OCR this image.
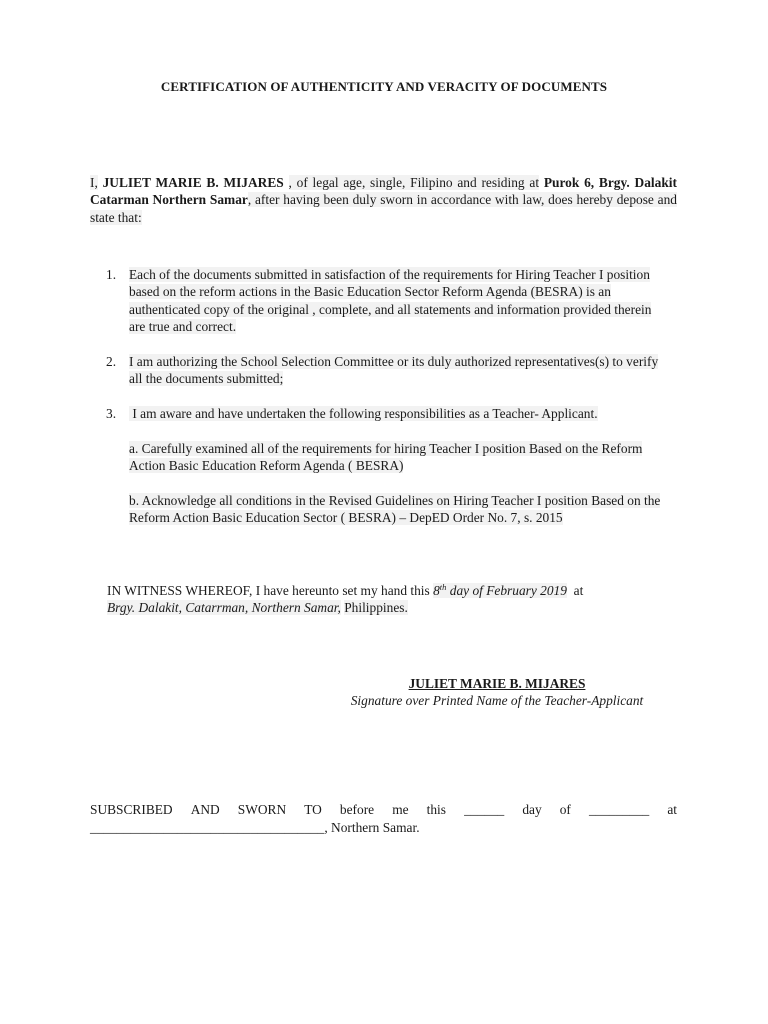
CERTIFICATION OF AUTHENTICITY AND VERACITY OF DOCUMENTS
I, JULIET MARIE B. MIJARES , of legal age, single, Filipino and residing at Purok 6, Brgy. Dalakit Catarman Northern Samar, after having been duly sworn in accordance with law, does hereby depose and state that:
1. Each of the documents submitted in satisfaction of the requirements for Hiring Teacher I position based on the reform actions in the Basic Education Sector Reform Agenda (BESRA) is an authenticated copy of the original , complete, and all statements and information provided therein are true and correct.
2. I am authorizing the School Selection Committee or its duly authorized representatives(s) to verify all the documents submitted;
3. I am aware and have undertaken the following responsibilities as a Teacher- Applicant.
a. Carefully examined all of the requirements for hiring Teacher I position Based on the Reform Action Basic Education Reform Agenda ( BESRA)
b. Acknowledge all conditions in the Revised Guidelines on Hiring Teacher I position Based on the Reform Action Basic Education Sector ( BESRA) – DepED Order No. 7, s. 2015
IN WITNESS WHEREOF, I have hereunto set my hand this 8th day of February 2019 at
Brgy. Dalakit, Catarrman, Northern Samar, Philippines.
JULIET MARIE B. MIJARES
Signature over Printed Name of the Teacher-Applicant
SUBSCRIBED AND SWORN TO before me this ______ day of _________ at
___________________________________, Northern Samar.
